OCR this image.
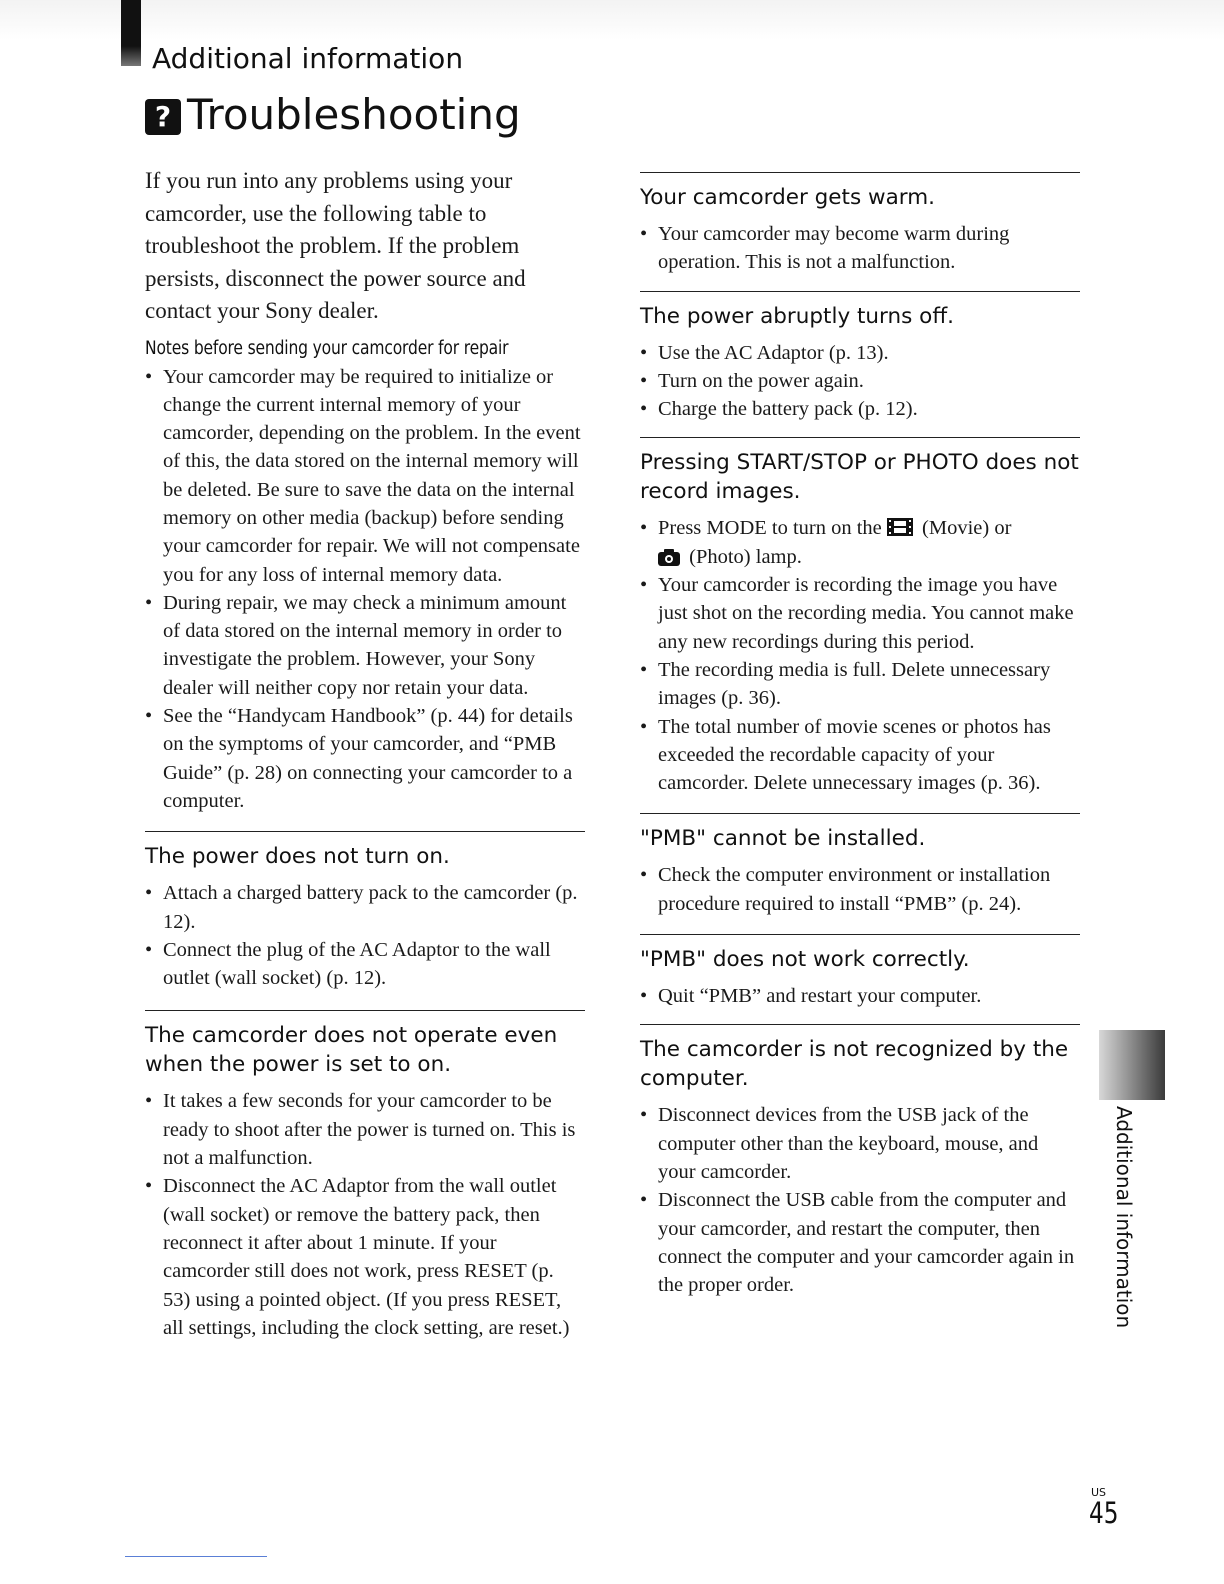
Additional information
? Troubleshooting

If you run into any problems using your camcorder, use the following table to troubleshoot the problem. If the problem persists, disconnect the power source and contact your Sony dealer.

Notes before sending your camcorder for repair
• Your camcorder may be required to initialize or change the current internal memory of your camcorder, depending on the problem. In the event of this, the data stored on the internal memory will be deleted. Be sure to save the data on the internal memory on other media (backup) before sending your camcorder for repair. We will not compensate you for any loss of internal memory data.
• During repair, we may check a minimum amount of data stored on the internal memory in order to investigate the problem. However, your Sony dealer will neither copy nor retain your data.
• See the “Handycam Handbook” (p. 44) for details on the symptoms of your camcorder, and “PMB Guide” (p. 28) on connecting your camcorder to a computer.
The power does not turn on.
• Attach a charged battery pack to the camcorder (p. 12).
• Connect the plug of the AC Adaptor to the wall outlet (wall socket) (p. 12).
The camcorder does not operate even when the power is set to on.
• It takes a few seconds for your camcorder to be ready to shoot after the power is turned on. This is not a malfunction.
• Disconnect the AC Adaptor from the wall outlet (wall socket) or remove the battery pack, then reconnect it after about 1 minute. If your camcorder still does not work, press RESET (p. 53) using a pointed object. (If you press RESET, all settings, including the clock setting, are reset.)
Your camcorder gets warm.
• Your camcorder may become warm during operation. This is not a malfunction.
The power abruptly turns off.
• Use the AC Adaptor (p. 13).
• Turn on the power again.
• Charge the battery pack (p. 12).
Pressing START/STOP or PHOTO does not record images.
• Press MODE to turn on the (Movie) or
(Photo) lamp.
• Your camcorder is recording the image you have just shot on the recording media. You cannot make any new recordings during this period.
• The recording media is full. Delete unnecessary images (p. 36).
• The total number of movie scenes or photos has exceeded the recordable capacity of your camcorder. Delete unnecessary images (p. 36).
"PMB" cannot be installed.
• Check the computer environment or installation procedure required to install “PMB” (p. 24).
"PMB" does not work correctly.
• Quit “PMB” and restart your computer.
The camcorder is not recognized by the computer.
• Disconnect devices from the USB jack of the computer other than the keyboard, mouse, and your camcorder.
• Disconnect the USB cable from the computer and your camcorder, and restart the computer, then connect the computer and your camcorder again in the proper order.	Additional information
US
45
